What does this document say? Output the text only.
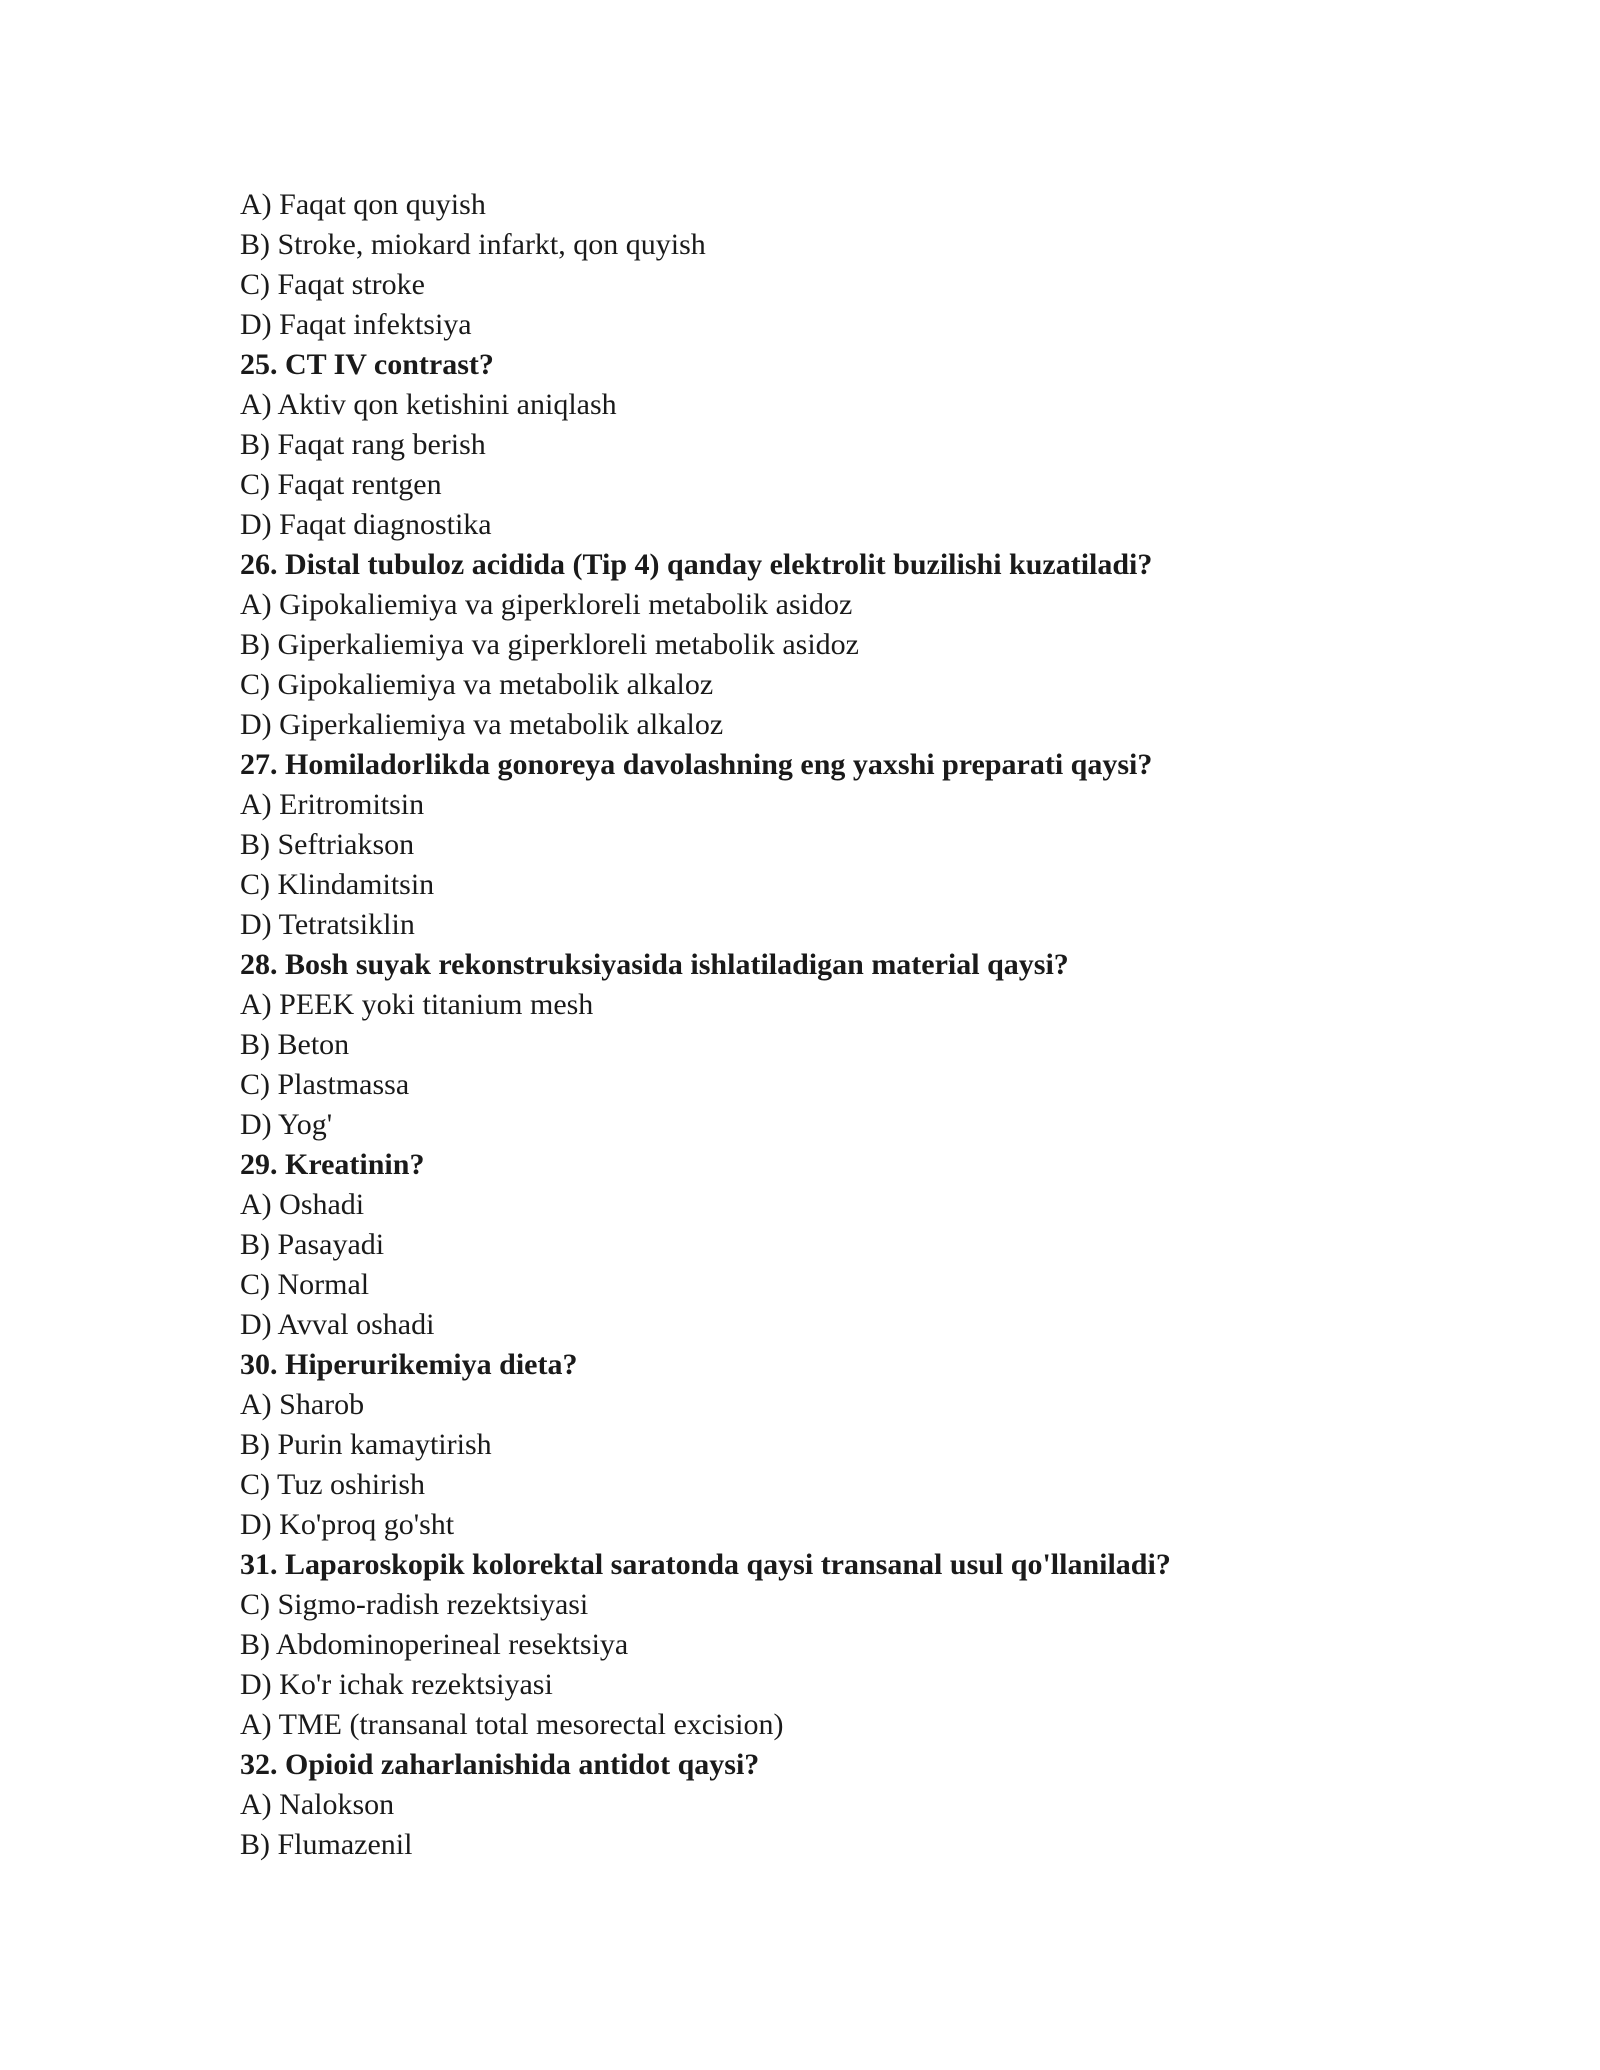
A) Faqat qon quyish
B) Stroke, miokard infarkt, qon quyish
C) Faqat stroke
D) Faqat infektsiya
25. CT IV contrast?
A) Aktiv qon ketishini aniqlash
B) Faqat rang berish
C) Faqat rentgen
D) Faqat diagnostika
26. Distal tubuloz acidida (Tip 4) qanday elektrolit buzilishi kuzatiladi?
A) Gipokaliemiya va giperkloreli metabolik asidoz
B) Giperkaliemiya va giperkloreli metabolik asidoz
C) Gipokaliemiya va metabolik alkaloz
D) Giperkaliemiya va metabolik alkaloz
27. Homiladorlikda gonoreya davolashning eng yaxshi preparati qaysi?
A) Eritromitsin
B) Seftriakson
C) Klindamitsin
D) Tetratsiklin
28. Bosh suyak rekonstruksiyasida ishlatiladigan material qaysi?
A) PEEK yoki titanium mesh
B) Beton
C) Plastmassa
D) Yog'
29. Kreatinin?
A) Oshadi
B) Pasayadi
C) Normal
D) Avval oshadi
30. Hiperurikemiya dieta?
A) Sharob
B) Purin kamaytirish
C) Tuz oshirish
D) Ko'proq go'sht
31. Laparoskopik kolorektal saratonda qaysi transanal usul qo'llaniladi?
C) Sigmo-radish rezektsiyasi
B) Abdominoperineal resektsiya
D) Ko'r ichak rezektsiyasi
A) TME (transanal total mesorectal excision)
32. Opioid zaharlanishida antidot qaysi?
A) Nalokson
B) Flumazenil
